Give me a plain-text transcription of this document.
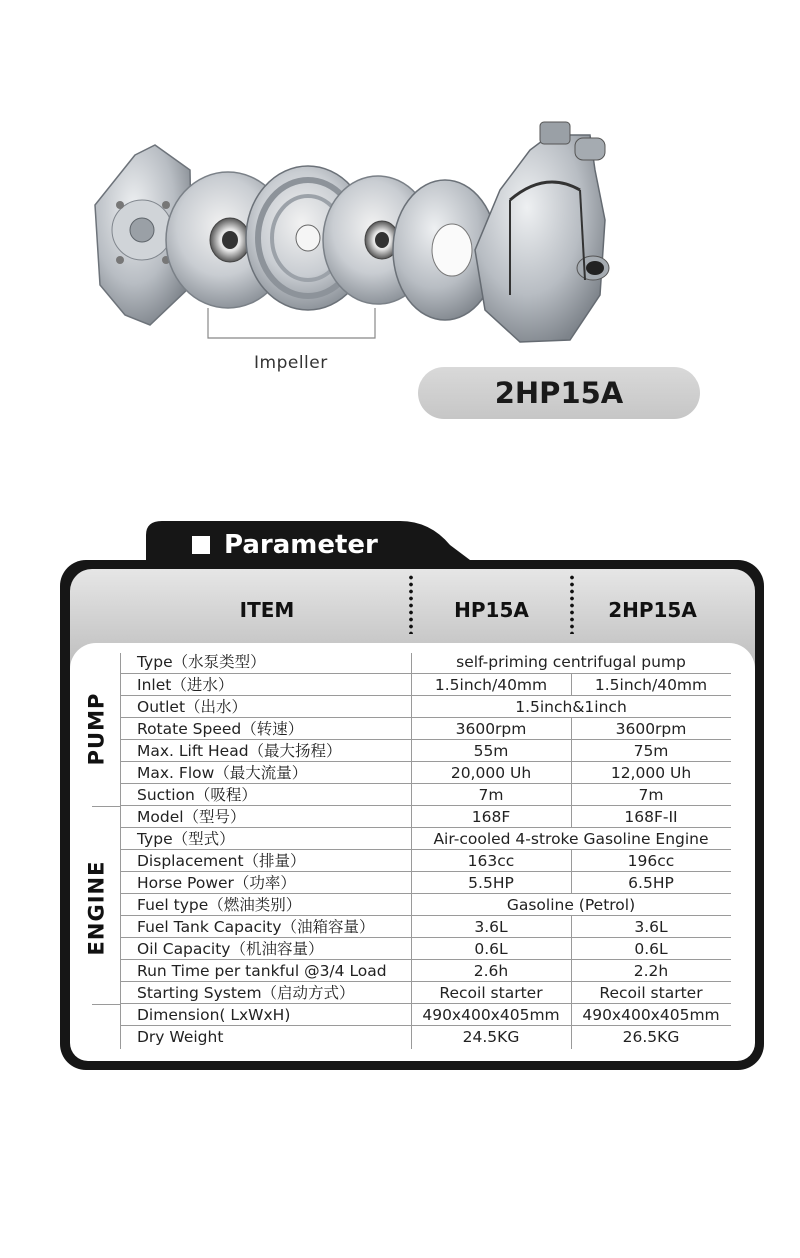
Impeller
2HP15A
Parameter
ITEM	HP15A	2HP15A
PUMP
ENGINE
Type（水泵类型）	self-priming centrifugal pump
Inlet（进水）	1.5inch/40mm	1.5inch/40mm
Outlet（出水）	1.5inch&1inch
Rotate Speed（转速）	3600rpm	3600rpm
Max. Lift Head（最大扬程）	55m	75m
Max. Flow（最大流量）	20,000 Uh	12,000 Uh
Suction（吸程）	7m	7m
Model（型号）	168F	168F-II
Type（型式）	Air-cooled 4-stroke Gasoline Engine
Displacement（排量）	163cc	196cc
Horse Power（功率）	5.5HP	6.5HP
Fuel type（燃油类别）	Gasoline (Petrol)
Fuel Tank Capacity（油箱容量）	3.6L	3.6L
Oil Capacity（机油容量）	0.6L	0.6L
Run Time per tankful @3/4 Load	2.6h	2.2h
Starting System（启动方式）	Recoil starter	Recoil starter
Dimension( LxWxH)	490x400x405mm	490x400x405mm
Dry Weight	24.5KG	26.5KG
